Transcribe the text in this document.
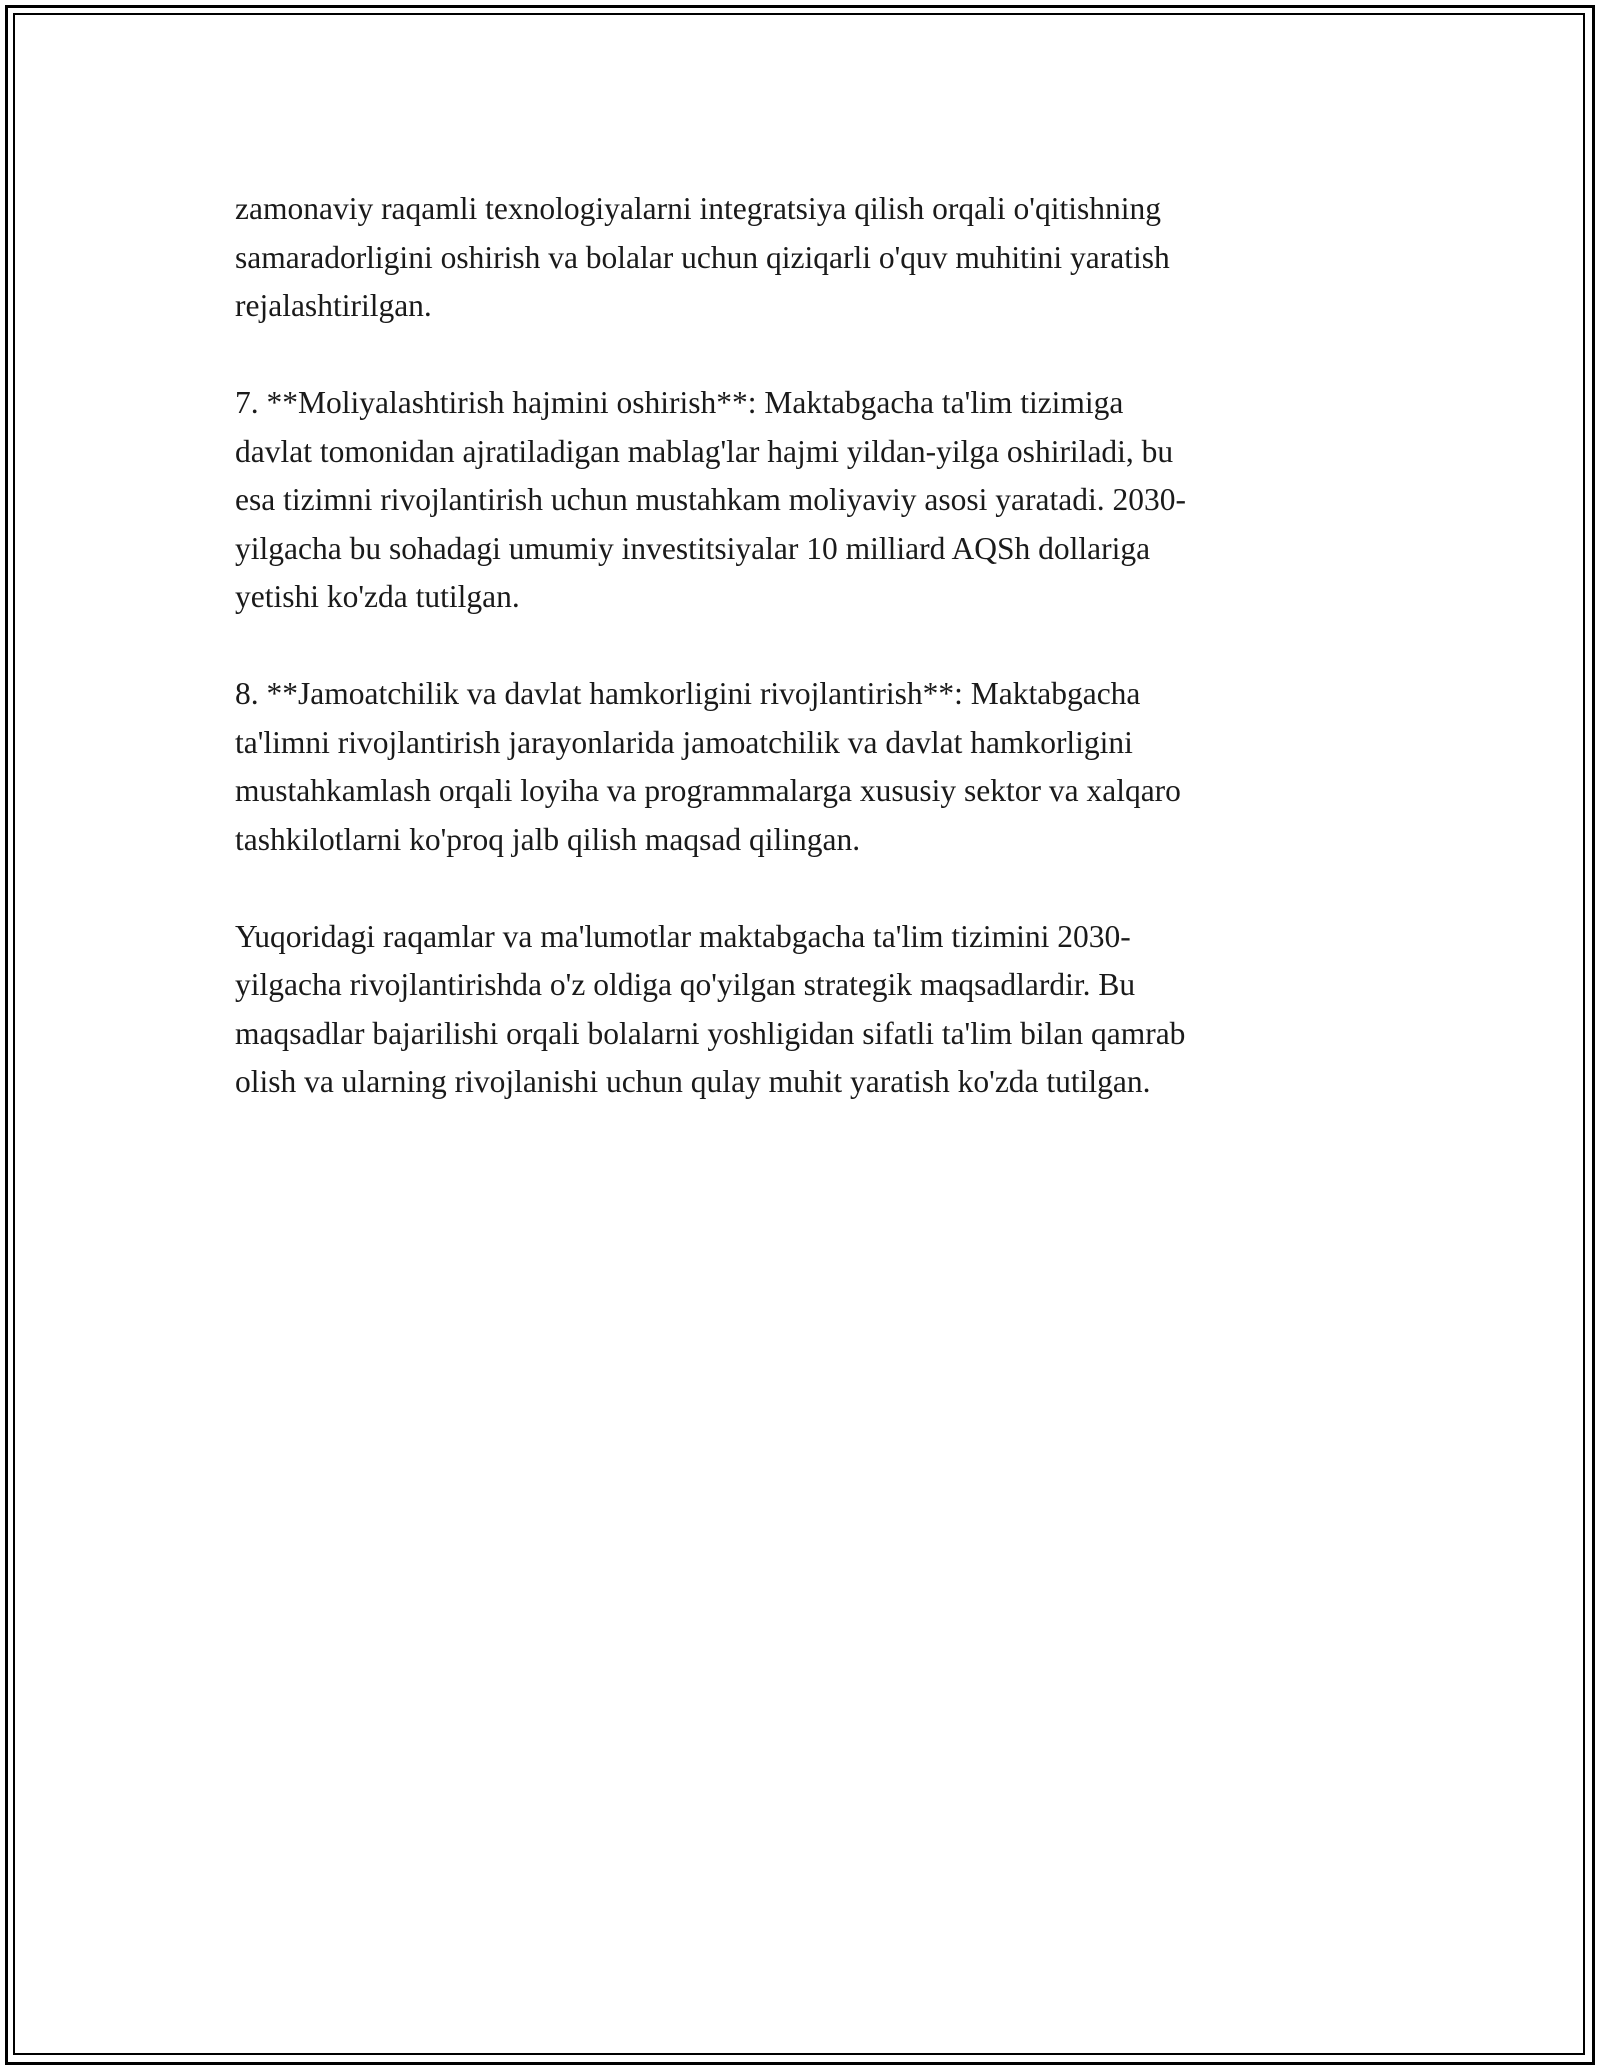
zamonaviy raqamli texnologiyalarni integratsiya qilish orqali o'qitishning
samaradorligini oshirish va bolalar uchun qiziqarli o'quv muhitini yaratish
rejalashtirilgan.

7. **Moliyalashtirish hajmini oshirish**: Maktabgacha ta'lim tizimiga
davlat tomonidan ajratiladigan mablag'lar hajmi yildan-yilga oshiriladi, bu
esa tizimni rivojlantirish uchun mustahkam moliyaviy asosi yaratadi. 2030-
yilgacha bu sohadagi umumiy investitsiyalar 10 milliard AQSh dollariga
yetishi ko'zda tutilgan.

8. **Jamoatchilik va davlat hamkorligini rivojlantirish**: Maktabgacha
ta'limni rivojlantirish jarayonlarida jamoatchilik va davlat hamkorligini
mustahkamlash orqali loyiha va programmalarga xususiy sektor va xalqaro
tashkilotlarni ko'proq jalb qilish maqsad qilingan.

Yuqoridagi raqamlar va ma'lumotlar maktabgacha ta'lim tizimini 2030-
yilgacha rivojlantirishda o'z oldiga qo'yilgan strategik maqsadlardir. Bu
maqsadlar bajarilishi orqali bolalarni yoshligidan sifatli ta'lim bilan qamrab
olish va ularning rivojlanishi uchun qulay muhit yaratish ko'zda tutilgan.
